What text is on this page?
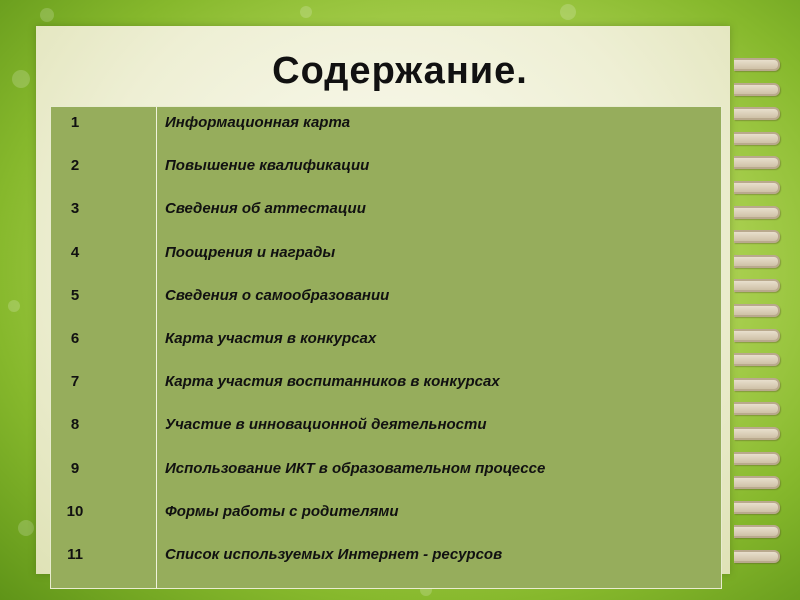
Содержание.
1	Информационная карта
2	Повышение квалификации
3	Сведения об аттестации
4	Поощрения и награды
5	Сведения о самообразовании
6	Карта участия в конкурсах
7	Карта участия воспитанников в конкурсах
8	Участие в инновационной деятельности
9	Использование ИКТ в образовательном процессе
10	Формы работы с родителями
11	Список используемых Интернет - ресурсов
